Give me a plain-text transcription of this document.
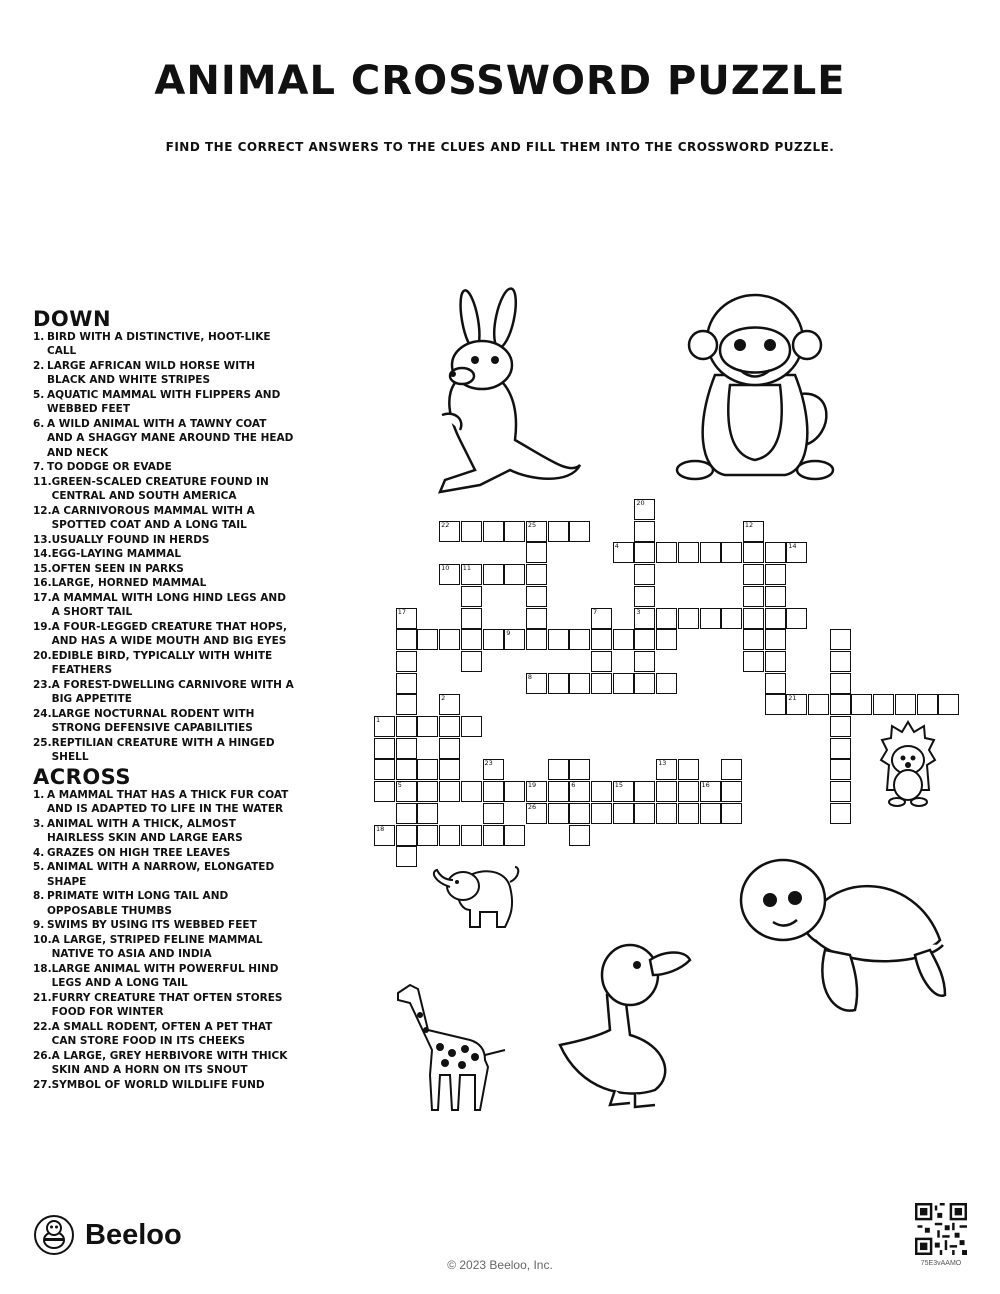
ANIMAL CROSSWORD PUZZLE
FIND THE CORRECT ANSWERS TO THE CLUES AND FILL THEM INTO THE CROSSWORD PUZZLE.
DOWN
1. BIRD WITH A DISTINCTIVE, HOOT-LIKE CALL
2. LARGE AFRICAN WILD HORSE WITH BLACK AND WHITE STRIPES
5. AQUATIC MAMMAL WITH FLIPPERS AND WEBBED FEET
6. A WILD ANIMAL WITH A TAWNY COAT AND A SHAGGY MANE AROUND THE HEAD AND NECK
7. TO DODGE OR EVADE
11. GREEN-SCALED CREATURE FOUND IN CENTRAL AND SOUTH AMERICA
12. A CARNIVOROUS MAMMAL WITH A SPOTTED COAT AND A LONG TAIL
13. USUALLY FOUND IN HERDS
14. EGG-LAYING MAMMAL
15. OFTEN SEEN IN PARKS
16. LARGE, HORNED MAMMAL
17. A MAMMAL WITH LONG HIND LEGS AND A SHORT TAIL
19. A FOUR-LEGGED CREATURE THAT HOPS, AND HAS A WIDE MOUTH AND BIG EYES
20. EDIBLE BIRD, TYPICALLY WITH WHITE FEATHERS
23. A FOREST-DWELLING CARNIVORE WITH A BIG APPETITE
24. LARGE NOCTURNAL RODENT WITH STRONG DEFENSIVE CAPABILITIES
25. REPTILIAN CREATURE WITH A HINGED SHELL
ACROSS
1. A MAMMAL THAT HAS A THICK FUR COAT AND IS ADAPTED TO LIFE IN THE WATER
3. ANIMAL WITH A THICK, ALMOST HAIRLESS SKIN AND LARGE EARS
4. GRAZES ON HIGH TREE LEAVES
5. ANIMAL WITH A NARROW, ELONGATED SHAPE
8. PRIMATE WITH LONG TAIL AND OPPOSABLE THUMBS
9. SWIMS BY USING ITS WEBBED FEET
10. A LARGE, STRIPED FELINE MAMMAL NATIVE TO ASIA AND INDIA
18. LARGE ANIMAL WITH POWERFUL HIND LEGS AND A LONG TAIL
21. FURRY CREATURE THAT OFTEN STORES FOOD FOR WINTER
22. A SMALL RODENT, OFTEN A PET THAT CAN STORE FOOD IN ITS CHEEKS
26. A LARGE, GREY HERBIVORE WITH THICK SKIN AND A HORN ON ITS SNOUT
27. SYMBOL OF WORLD WILDLIFE FUND
22	25
4	14
10 11
3
9
8
21
1
5	19	6	15	16
26
18
20
12
17	7
2
23	13
Beeloo
© 2023 Beeloo, Inc.	75E3vAAMO
